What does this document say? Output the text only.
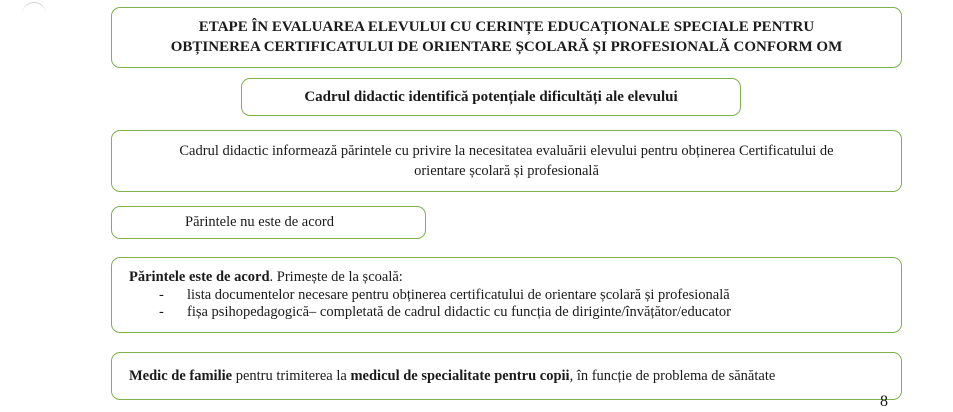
ETAPE ÎN EVALUAREA ELEVULUI CU CERINȚE EDUCAȚIONALE SPECIALE PENTRU
OBȚINEREA CERTIFICATULUI DE ORIENTARE ȘCOLARĂ ȘI PROFESIONALĂ CONFORM OM
Cadrul didactic identifică potențiale dificultăți ale elevului
Cadrul didactic informează părintele cu privire la necesitatea evaluării elevului pentru obținerea Certificatului de
orientare școlară și profesională
Părintele nu este de acord
Părintele este de acord. Primește de la școală:
- lista documentelor necesare pentru obținerea certificatului de orientare școlară și profesională
- fișa psihopedagogică– completată de cadrul didactic cu funcția de diriginte/învățător/educator
Medic de familie pentru trimiterea la medicul de specialitate pentru copii, în funcție de problema de sănătate
8
